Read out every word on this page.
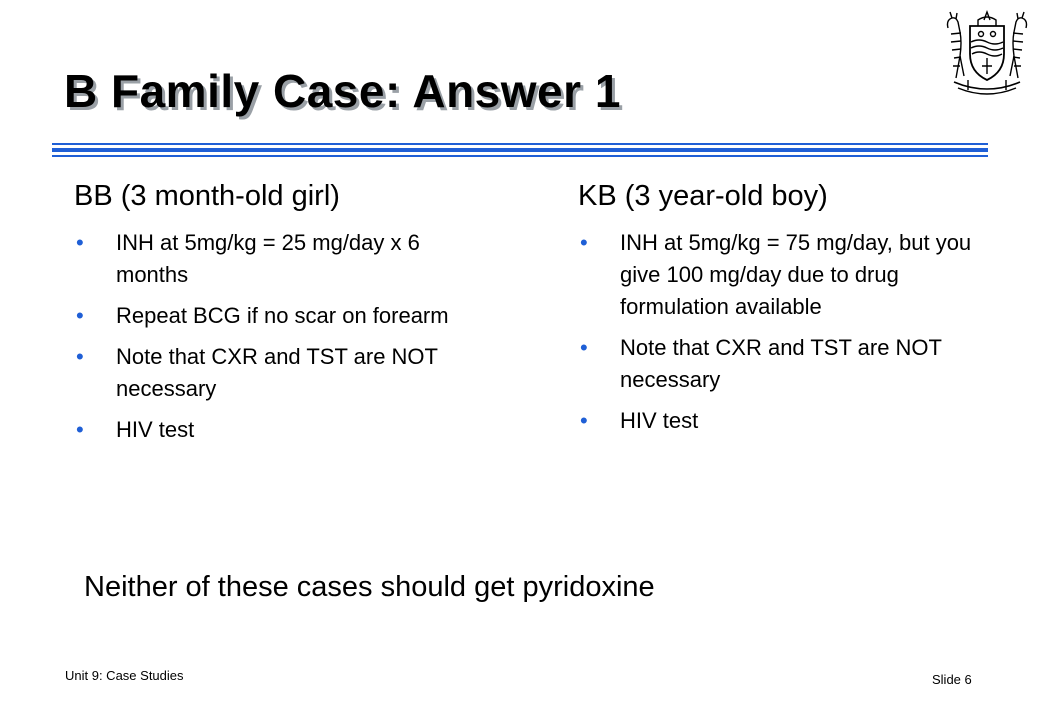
B Family Case: Answer 1
BB (3 month-old girl)
• INH at 5mg/kg = 25 mg/day x 6 months
• Repeat BCG if no scar on forearm
• Note that CXR and TST are NOT necessary
• HIV test
KB (3 year-old boy)
• INH at 5mg/kg = 75 mg/day, but you give 100 mg/day due to drug formulation available
• Note that CXR and TST are NOT necessary
• HIV test
Neither of these cases should get pyridoxine
Unit 9: Case Studies	Slide 6
